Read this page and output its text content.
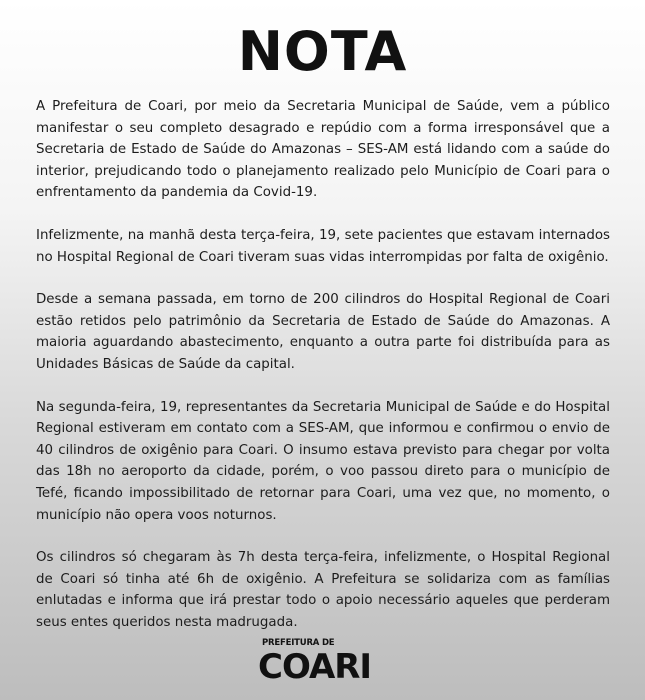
NOTA

A Prefeitura de Coari, por meio da Secretaria Municipal de Saúde, vem a público manifestar o seu completo desagrado e repúdio com a forma irresponsável que a Secretaria de Estado de Saúde do Amazonas – SES-AM está lidando com a saúde do interior, prejudicando todo o planejamento realizado pelo Município de Coari para o enfrentamento da pandemia da Covid-19.

Infelizmente, na manhã desta terça-feira, 19, sete pacientes que estavam internados no Hospital Regional de Coari tiveram suas vidas interrompidas por falta de oxigênio.

Desde a semana passada, em torno de 200 cilindros do Hospital Regional de Coari estão retidos pelo patrimônio da Secretaria de Estado de Saúde do Amazonas. A maioria aguardando abastecimento, enquanto a outra parte foi distribuída para as Unidades Básicas de Saúde da capital.

Na segunda-feira, 19, representantes da Secretaria Municipal de Saúde e do Hospital Regional estiveram em contato com a SES-AM, que informou e confirmou o envio de 40 cilindros de oxigênio para Coari. O insumo estava previsto para chegar por volta das 18h no aeroporto da cidade, porém, o voo passou direto para o município de Tefé, ficando impossibilitado de retornar para Coari, uma vez que, no momento, o município não opera voos noturnos.

Os cilindros só chegaram às 7h desta terça-feira, infelizmente, o Hospital Regional de Coari só tinha até 6h de oxigênio. A Prefeitura se solidariza com as famílias enlutadas e informa que irá prestar todo o apoio necessário aqueles que perderam seus entes queridos nesta madrugada.

PREFEITURA DE
COARI
